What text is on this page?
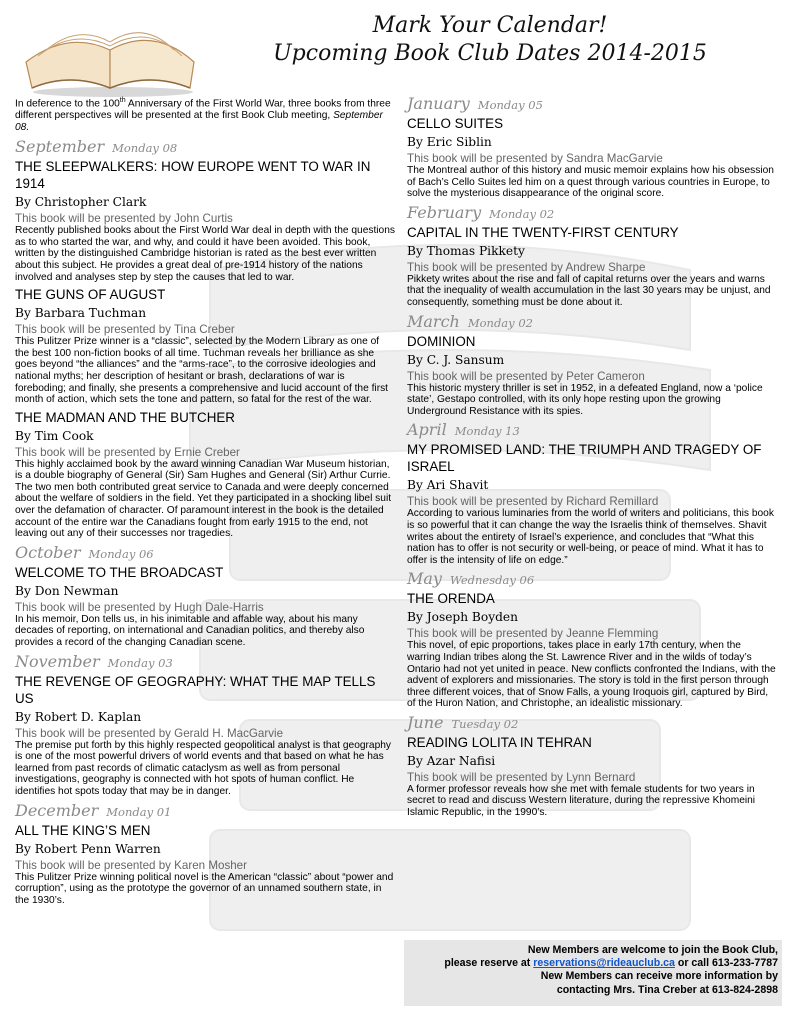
Mark Your Calendar!
Upcoming Book Club Dates 2014-2015
In deference to the 100th Anniversary of the First World War, three books from three different perspectives will be presented at the first Book Club meeting, September 08.
September Monday 08
THE SLEEPWALKERS: HOW EUROPE WENT TO WAR IN 1914
By Christopher Clark
This book will be presented by John Curtis
Recently published books about the First World War deal in depth with the questions as to who started the war, and why, and could it have been avoided. This book, written by the distinguished Cambridge historian is rated as the best ever written about this subject. He provides a great deal of pre-1914 history of the nations involved and analyses step by step the causes that led to war.
THE GUNS OF AUGUST
By Barbara Tuchman
This book will be presented by Tina Creber
This Pulitzer Prize winner is a “classic”, selected by the Modern Library as one of the best 100 non-fiction books of all time. Tuchman reveals her brilliance as she goes beyond “the alliances” and the “arms-race”, to the corrosive ideologies and national myths; her description of hesitant or brash, declarations of war is foreboding; and finally, she presents a comprehensive and lucid account of the first month of action, which sets the tone and pattern, so fatal for the rest of the war.
THE MADMAN AND THE BUTCHER
By Tim Cook
This book will be presented by Ernie Creber
This highly acclaimed book by the award winning Canadian War Museum historian, is a double biography of General (Sir) Sam Hughes and General (Sir) Arthur Currie. The two men both contributed great service to Canada and were deeply concerned about the welfare of soldiers in the field. Yet they participated in a shocking libel suit over the defamation of character. Of paramount interest in the book is the detailed account of the entire war the Canadians fought from early 1915 to the end, not leaving out any of their successes nor tragedies.
October Monday 06
WELCOME TO THE BROADCAST
By Don Newman
This book will be presented by Hugh Dale-Harris
In his memoir, Don tells us, in his inimitable and affable way, about his many decades of reporting, on international and Canadian politics, and thereby also provides a record of the changing Canadian scene.
November Monday 03
THE REVENGE OF GEOGRAPHY: WHAT THE MAP TELLS US
By Robert D. Kaplan
This book will be presented by Gerald H. MacGarvie
The premise put forth by this highly respected geopolitical analyst is that geography is one of the most powerful drivers of world events and that based on what he has learned from past records of climatic cataclysm as well as from personal investigations, geography is connected with hot spots of human conflict. He identifies hot spots today that may be in danger.
December Monday 01
ALL THE KING’S MEN
By Robert Penn Warren
This book will be presented by Karen Mosher
This Pulitzer Prize winning political novel is the American “classic” about “power and corruption”, using as the prototype the governor of an unnamed southern state, in the 1930’s.
January Monday 05
CELLO SUITES
By Eric Siblin
This book will be presented by Sandra MacGarvie
The Montreal author of this history and music memoir explains how his obsession of Bach’s Cello Suites led him on a quest through various countries in Europe, to solve the mysterious disappearance of the original score.
February Monday 02
CAPITAL IN THE TWENTY-FIRST CENTURY
By Thomas Pikkety
This book will be presented by Andrew Sharpe
Pikkety writes about the rise and fall of capital returns over the years and warns that the inequality of wealth accumulation in the last 30 years may be unjust, and consequently, something must be done about it.
March Monday 02
DOMINION
By C. J. Sansum
This book will be presented by Peter Cameron
This historic mystery thriller is set in 1952, in a defeated England, now a ‘police state’, Gestapo controlled, with its only hope resting upon the growing Underground Resistance with its spies.
April Monday 13
MY PROMISED LAND: THE TRIUMPH AND TRAGEDY OF ISRAEL
By Ari Shavit
This book will be presented by Richard Remillard
According to various luminaries from the world of writers and politicians, this book is so powerful that it can change the way the Israelis think of themselves. Shavit writes about the entirety of Israel’s experience, and concludes that “What this nation has to offer is not security or well-being, or peace of mind. What it has to offer is the intensity of life on edge.”
May Wednesday 06
THE ORENDA
By Joseph Boyden
This book will be presented by Jeanne Flemming
This novel, of epic proportions, takes place in early 17th century, when the warring Indian tribes along the St. Lawrence River and in the wilds of today’s Ontario had not yet united in peace. New conflicts confronted the Indians, with the advent of explorers and missionaries. The story is told in the first person through three different voices, that of Snow Falls, a young Iroquois girl, captured by Bird, of the Huron Nation, and Christophe, an idealistic missionary.
June Tuesday 02
READING LOLITA IN TEHRAN
By Azar Nafisi
This book will be presented by Lynn Bernard
A former professor reveals how she met with female students for two years in secret to read and discuss Western literature, during the repressive Khomeini Islamic Republic, in the 1990’s.
New Members are welcome to join the Book Club,
please reserve at reservations@rideauclub.ca or call 613-233-7787
New Members can receive more information by
contacting Mrs. Tina Creber at 613-824-2898
